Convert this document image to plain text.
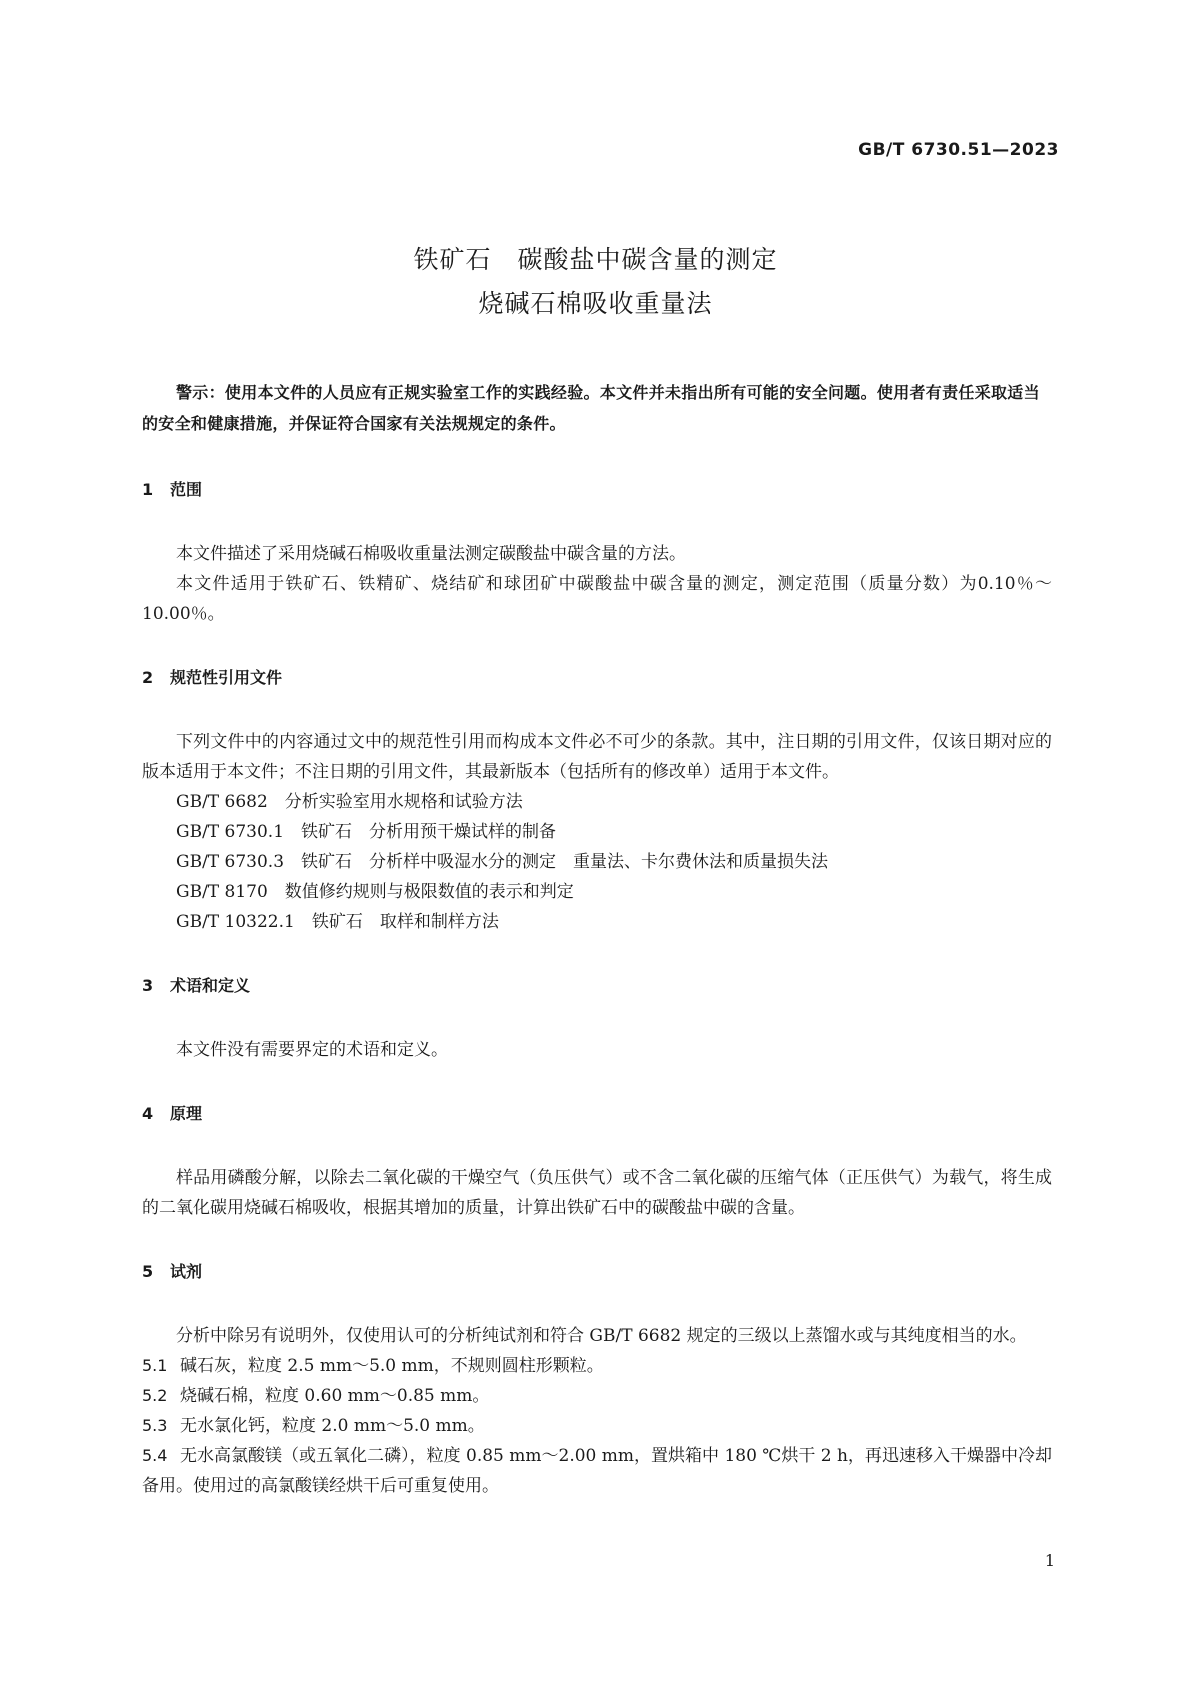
GB/T 6730.51—2023
铁矿石　碳酸盐中碳含量的测定
烧碱石棉吸收重量法

警示：使用本文件的人员应有正规实验室工作的实践经验。本文件并未指出所有可能的安全问题。使用者有责任采取适当的安全和健康措施，并保证符合国家有关法规规定的条件。

1 范围

本文件描述了采用烧碱石棉吸收重量法测定碳酸盐中碳含量的方法。

本文件适用于铁矿石、铁精矿、烧结矿和球团矿中碳酸盐中碳含量的测定，测定范围（质量分数）为0.10％～10.00％。

2 规范性引用文件

下列文件中的内容通过文中的规范性引用而构成本文件必不可少的条款。其中，注日期的引用文件，仅该日期对应的版本适用于本文件；不注日期的引用文件，其最新版本（包括所有的修改单）适用于本文件。

GB/T 6682　分析实验室用水规格和试验方法

GB/T 6730.1　铁矿石　分析用预干燥试样的制备

GB/T 6730.3　铁矿石　分析样中吸湿水分的测定　重量法、卡尔费休法和质量损失法

GB/T 8170　数值修约规则与极限数值的表示和判定

GB/T 10322.1　铁矿石　取样和制样方法

3 术语和定义

本文件没有需要界定的术语和定义。

4 原理

样品用磷酸分解，以除去二氧化碳的干燥空气（负压供气）或不含二氧化碳的压缩气体（正压供气）为载气，将生成的二氧化碳用烧碱石棉吸收，根据其增加的质量，计算出铁矿石中的碳酸盐中碳的含量。

5 试剂

分析中除另有说明外，仅使用认可的分析纯试剂和符合 GB/T 6682 规定的三级以上蒸馏水或与其纯度相当的水。

5.1 碱石灰，粒度 2.5 mm～5.0 mm，不规则圆柱形颗粒。

5.2 烧碱石棉，粒度 0.60 mm～0.85 mm。

5.3 无水氯化钙，粒度 2.0 mm～5.0 mm。

5.4 无水高氯酸镁（或五氧化二磷），粒度 0.85 mm～2.00 mm，置烘箱中 180 ℃烘干 2 h，再迅速移入干燥器中冷却备用。使用过的高氯酸镁经烘干后可重复使用。

1
